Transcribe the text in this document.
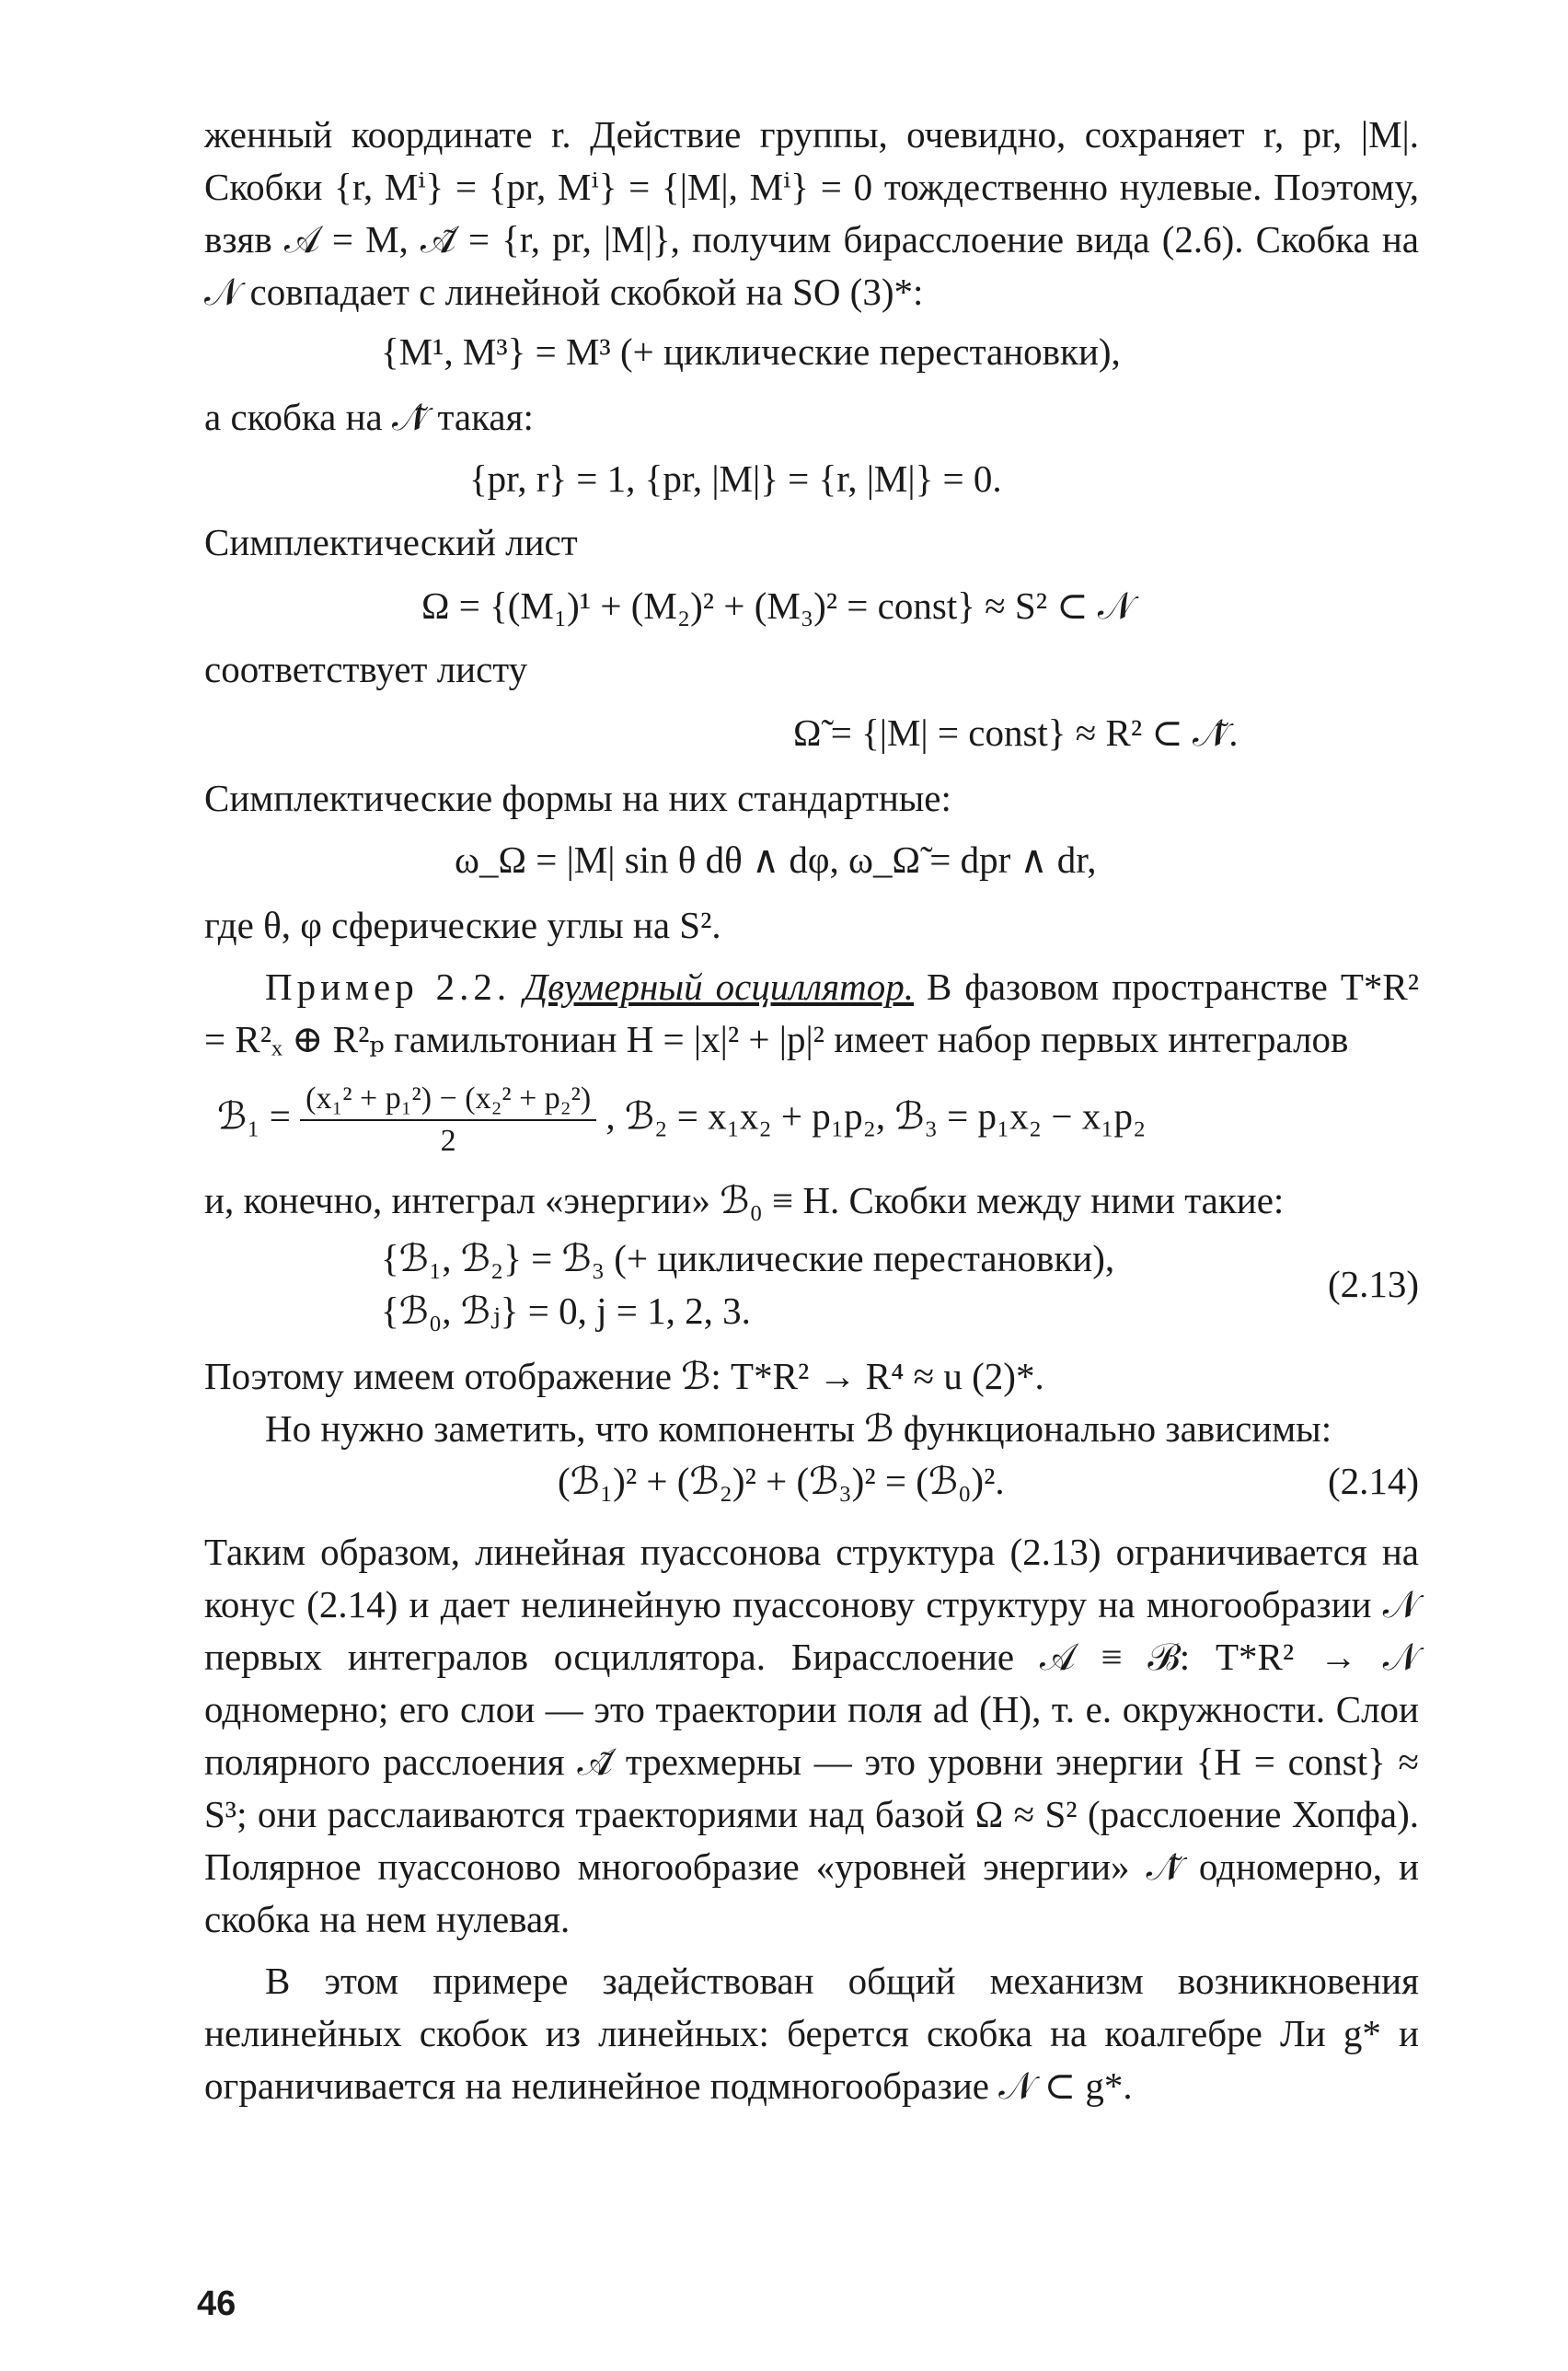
женный координате r. Действие группы, очевидно, сохраняет r, pr, |M|. Скобки {r, Mⁱ} = {pr, Mⁱ} = {|M|, Mⁱ} = 0 тождественно нулевые. Поэтому, взяв 𝒜 = M, 𝒜̃ = {r, pr, |M|}, получим бирасслоение вида (2.6). Скобка на 𝒩 совпадает с линейной скобкой на SO (3)*:

{M¹, M³} = M³ (+ циклические перестановки),

а скобка на 𝒩̃ такая:

{pr, r} = 1, {pr, |M|} = {r, |M|} = 0.

Симплектический лист

Ω = {(M₁)¹ + (M₂)² + (M₃)² = const} ≈ S² ⊂ 𝒩

соответствует листу

Ω̃ = {|M| = const} ≈ R² ⊂ 𝒩̃.

Симплектические формы на них стандартные:

ω_Ω = |M| sin θ dθ ∧ dφ, ω_Ω̃ = dpr ∧ dr,

где θ, φ сферические углы на S².

Пример 2.2. Двумерный осциллятор. В фазовом пространстве T*R² = R²ₓ ⊕ R²ₚ гамильтониан H = |x|² + |p|² имеет набор первых интегралов

ℬ₁ = $\frac{\text{(x₁² + p₁²) − (x₂² + p₂²)}}{2}$ , ℬ₂ = x₁x₂ + p₁p₂, ℬ₃ = p₁x₂ − x₁p₂

и, конечно, интеграл «энергии» ℬ₀ ≡ H. Скобки между ними такие:

{ℬ₁, ℬ₂} = ℬ₃ (+ циклические перестановки),
{ℬ₀, ℬⱼ} = 0, j = 1, 2, 3.
(2.13)

Поэтому имеем отображение ℬ: T*R² → R⁴ ≈ u (2)*.

Но нужно заметить, что компоненты ℬ функционально зависимы:

(ℬ₁)² + (ℬ₂)² + (ℬ₃)² = (ℬ₀)².	(2.14)

Таким образом, линейная пуассонова структура (2.13) ограничивается на конус (2.14) и дает нелинейную пуассонову структуру на многообразии 𝒩 первых интегралов осциллятора. Бирасслоение 𝒜 ≡ ℬ: T*R² → 𝒩 одномерно; его слои — это траектории поля ad (H), т. е. окружности. Слои полярного расслоения 𝒜̃ трехмерны — это уровни энергии {H = const} ≈ S³; они расслаиваются траекториями над базой Ω ≈ S² (расслоение Хопфа). Полярное пуассоново многообразие «уровней энергии» 𝒩̃ одномерно, и скобка на нем нулевая.

В этом примере задействован общий механизм возникновения нелинейных скобок из линейных: берется скобка на коалгебре Ли g* и ограничивается на нелинейное подмногообразие 𝒩 ⊂ g*.

46
